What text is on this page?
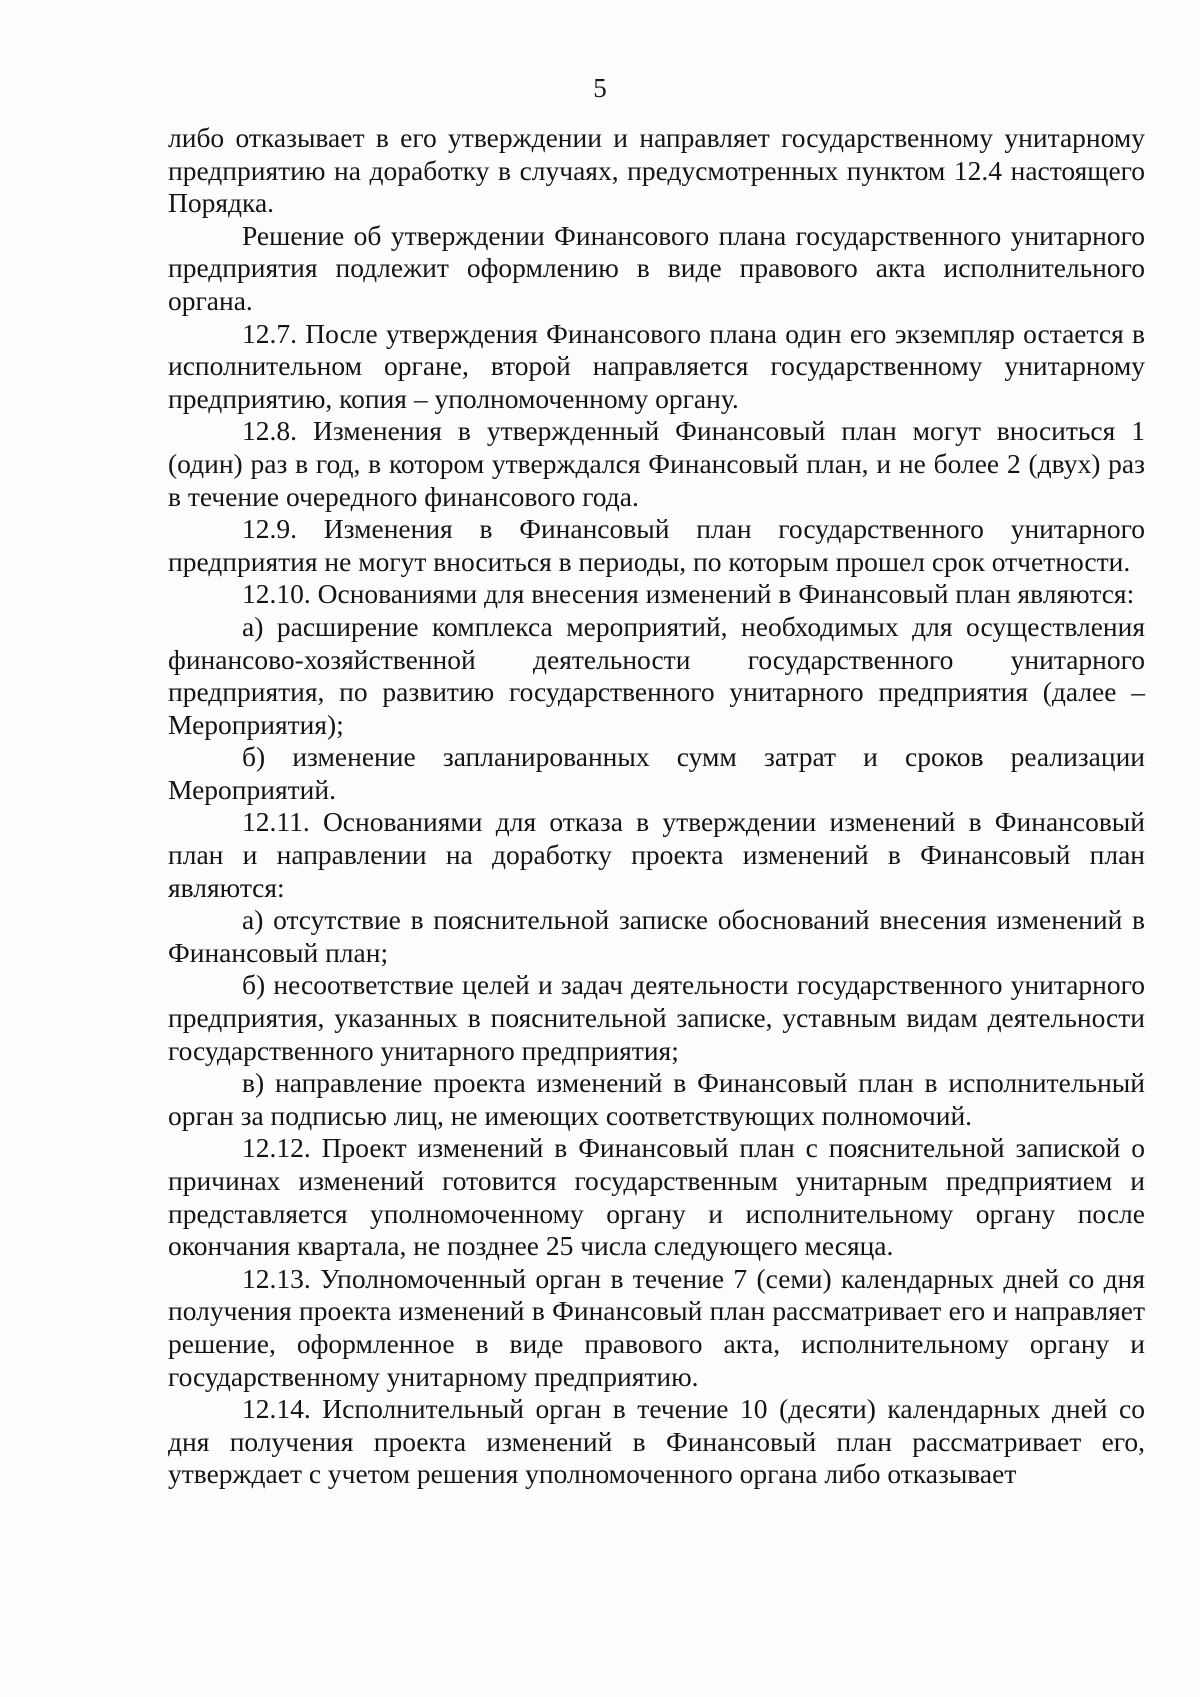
5

либо отказывает в его утверждении и направляет государственному унитарному предприятию на доработку в случаях, предусмотренных пунктом 12.4 настоящего Порядка.

Решение об утверждении Финансового плана государственного унитарного предприятия подлежит оформлению в виде правового акта исполнительного органа.

12.7. После утверждения Финансового плана один его экземпляр остается в исполнительном органе, второй направляется государственному унитарному предприятию, копия – уполномоченному органу.

12.8. Изменения в утвержденный Финансовый план могут вноситься 1 (один) раз в год, в котором утверждался Финансовый план, и не более 2 (двух) раз в течение очередного финансового года.

12.9. Изменения в Финансовый план государственного унитарного предприятия не могут вноситься в периоды, по которым прошел срок отчетности.

12.10. Основаниями для внесения изменений в Финансовый план являются:

а) расширение комплекса мероприятий, необходимых для осуществления финансово-хозяйственной деятельности государственного унитарного предприятия, по развитию государственного унитарного предприятия (далее – Мероприятия);

б) изменение запланированных сумм затрат и сроков реализации Мероприятий.

12.11. Основаниями для отказа в утверждении изменений в Финансовый план и направлении на доработку проекта изменений в Финансовый план являются:

а) отсутствие в пояснительной записке обоснований внесения изменений в Финансовый план;

б) несоответствие целей и задач деятельности государственного унитарного предприятия, указанных в пояснительной записке, уставным видам деятельности государственного унитарного предприятия;

в) направление проекта изменений в Финансовый план в исполнительный орган за подписью лиц, не имеющих соответствующих полномочий.

12.12. Проект изменений в Финансовый план с пояснительной запиской о причинах изменений готовится государственным унитарным предприятием и представляется уполномоченному органу и исполнительному органу после окончания квартала, не позднее 25 числа следующего месяца.

12.13. Уполномоченный орган в течение 7 (семи) календарных дней со дня получения проекта изменений в Финансовый план рассматривает его и направляет решение, оформленное в виде правового акта, исполнительному органу и государственному унитарному предприятию.

12.14. Исполнительный орган в течение 10 (десяти) календарных дней со дня получения проекта изменений в Финансовый план рассматривает его, утверждает с учетом решения уполномоченного органа либо отказывает
